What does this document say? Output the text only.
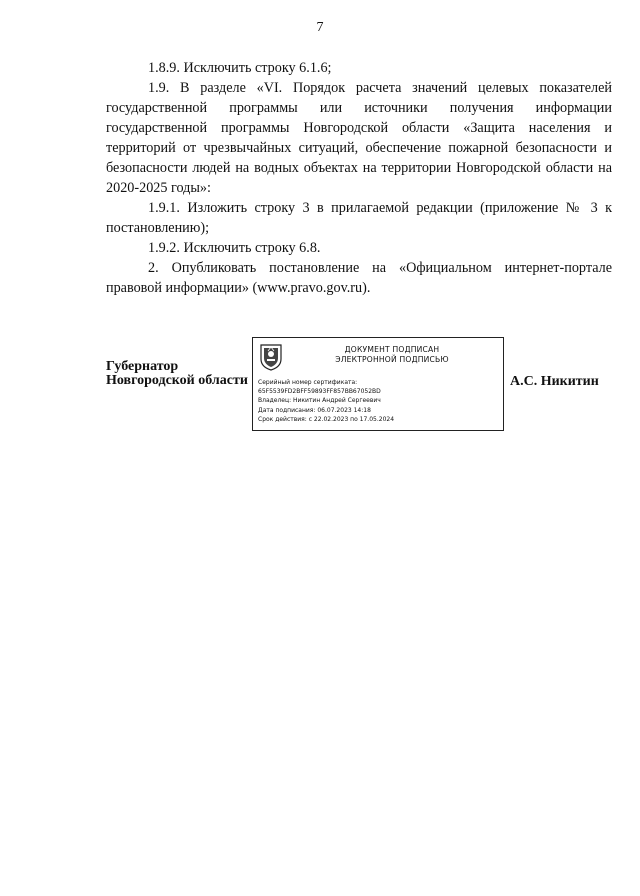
7

1.8.9. Исключить строку 6.1.6;

1.9. В разделе «VI. Порядок расчета значений целевых показателей государственной программы или источники получения информации государственной программы Новгородской области «Защита населения и территорий от чрезвычайных ситуаций, обеспечение пожарной безопасности и безопасности людей на водных объектах на территории Новгородской области на 2020-2025 годы»:

1.9.1. Изложить строку 3 в прилагаемой редакции (приложение № 3 к постановлению);

1.9.2. Исключить строку 6.8.

2. Опубликовать постановление на «Официальном интернет-портале правовой информации» (www.pravo.gov.ru).

Губернатор
Новгородской области
ДОКУМЕНТ ПОДПИСАН
ЭЛЕКТРОННОЙ ПОДПИСЬЮ
Серийный номер сертификата:
65F5539FD2BFF59893FF857BB67052BD
Владелец: Никитин Андрей Сергеевич
Дата подписания: 06.07.2023 14:18
Срок действия: с 22.02.2023 по 17.05.2024
А.С. Никитин
